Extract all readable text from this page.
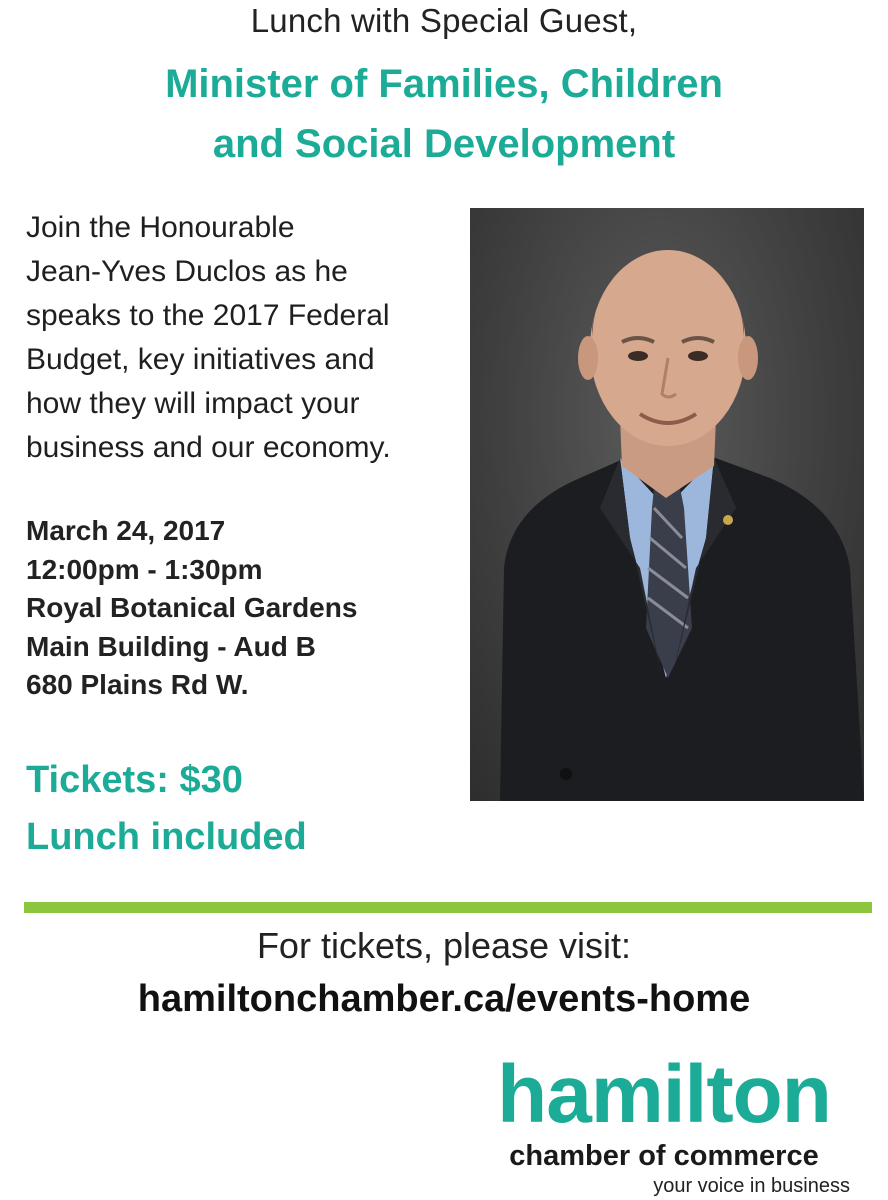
Lunch with Special Guest,
Minister of Families, Children
and Social Development
Join the Honourable
Jean-Yves Duclos as he
speaks to the 2017 Federal
Budget, key initiatives and
how they will impact your
business and our economy.
March 24, 2017
12:00pm - 1:30pm
Royal Botanical Gardens
Main Building - Aud B
680 Plains Rd W.
Tickets: $30
Lunch included
For tickets, please visit:
hamiltonchamber.ca/events-home
hamilton
chamber of commerce
your voice in business
